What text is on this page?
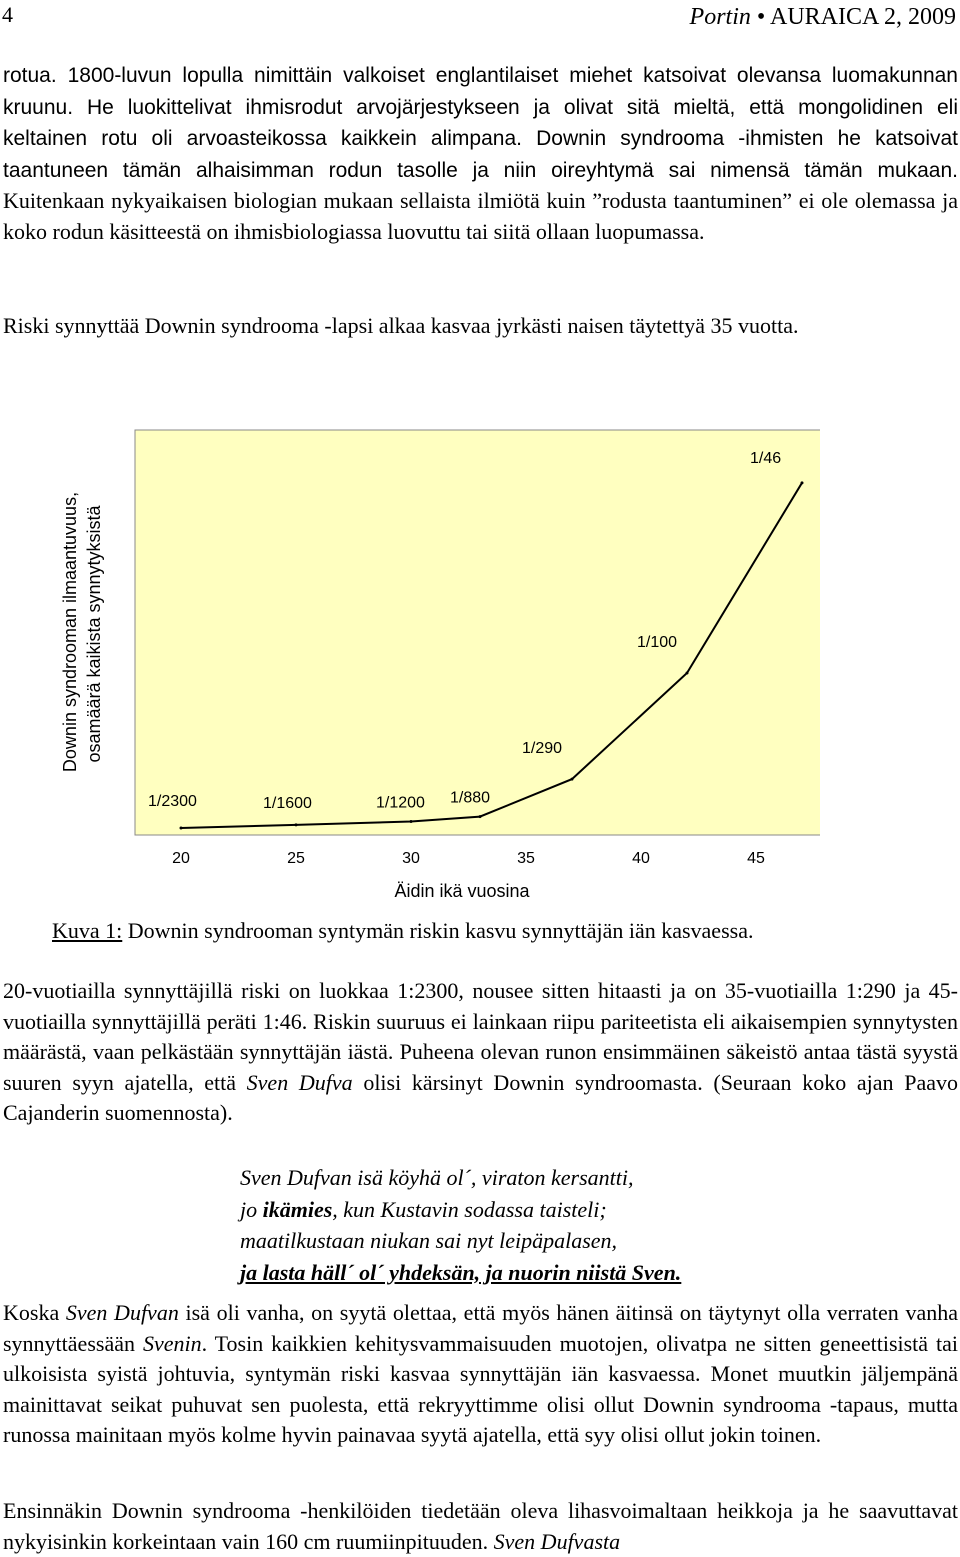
4	Portin • AURAICA 2, 2009

rotua. 1800-luvun lopulla nimittäin valkoiset englantilaiset miehet katsoivat olevansa luomakunnan kruunu. He luokittelivat ihmisrodut arvojärjestykseen ja olivat sitä mieltä, että mongolidinen eli keltainen rotu oli arvoasteikossa kaikkein alimpana. Downin syndrooma -ihmisten he katsoivat taantuneen tämän alhaisimman rodun tasolle ja niin oireyhtymä sai nimensä tämän mukaan. Kuitenkaan nykyaikaisen biologian mukaan sellaista ilmiötä kuin ”rodusta taantuminen” ei ole olemassa ja koko rodun käsitteestä on ihmisbiologiassa luovuttu tai siitä ollaan luopumassa.

Riski synnyttää Downin syndrooma -lapsi alkaa kasvaa jyrkästi naisen täytettyä 35 vuotta.

1/2300	1/1600	1/1200 1/880
1/290
1/100
1/46
20	25	30	35	40	45
Äidin ikä vuosina
Downin syndrooman ilmaantuvuus, osamäärä kaikista synnytyksistä
Kuva 1: Downin syndrooman syntymän riskin kasvu synnyttäjän iän kasvaessa.

20-vuotiailla synnyttäjillä riski on luokkaa 1:2300, nousee sitten hitaasti ja on 35-vuotiailla 1:290 ja 45-vuotiailla synnyttäjillä peräti 1:46. Riskin suuruus ei lainkaan riipu pariteetista eli aikaisempien synnytysten määrästä, vaan pelkästään synnyttäjän iästä. Puheena olevan runon ensimmäinen säkeistö antaa tästä syystä suuren syyn ajatella, että Sven Dufva olisi kärsinyt Downin syndroomasta. (Seuraan koko ajan Paavo Cajanderin suomennosta).

Sven Dufvan isä köyhä ol´, viraton kersantti,
jo ikämies, kun Kustavin sodassa taisteli;
maatilkustaan niukan sai nyt leipäpalasen,
ja lasta häll´ ol´ yhdeksän, ja nuorin niistä Sven.

Koska Sven Dufvan isä oli vanha, on syytä olettaa, että myös hänen äitinsä on täytynyt olla verraten vanha synnyttäessään Svenin. Tosin kaikkien kehitysvammaisuuden muotojen, olivatpa ne sitten geneettisistä tai ulkoisista syistä johtuvia, syntymän riski kasvaa synnyttäjän iän kasvaessa. Monet muutkin jäljempänä mainittavat seikat puhuvat sen puolesta, että rekryyttimme olisi ollut Downin syndrooma -tapaus, mutta runossa mainitaan myös kolme hyvin painavaa syytä ajatella, että syy olisi ollut jokin toinen.

Ensinnäkin Downin syndrooma -henkilöiden tiedetään oleva lihasvoimaltaan heikkoja ja he saavuttavat nykyisinkin korkeintaan vain 160 cm ruumiinpituuden. Sven Dufvasta
